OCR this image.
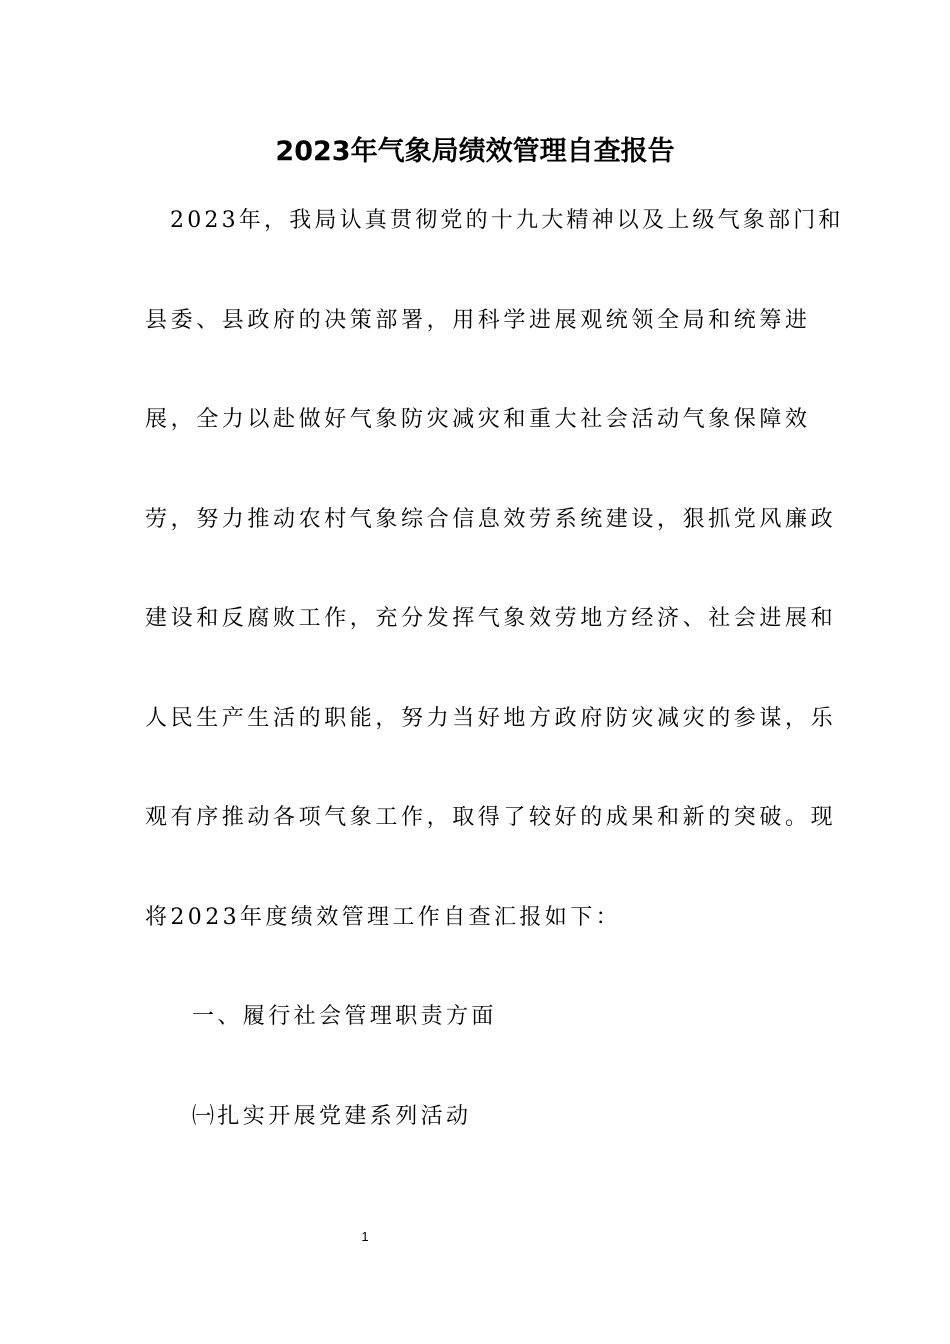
2023年气象局绩效管理自查报告

2023年，我局认真贯彻党的十九大精神以及上级气象部门和

县委、县政府的决策部署，用科学进展观统领全局和统筹进

展，全力以赴做好气象防灾减灾和重大社会活动气象保障效

劳，努力推动农村气象综合信息效劳系统建设，狠抓党风廉政

建设和反腐败工作，充分发挥气象效劳地方经济、社会进展和

人民生产生活的职能，努力当好地方政府防灾减灾的参谋，乐

观有序推动各项气象工作，取得了较好的成果和新的突破。现

将2023年度绩效管理工作自查汇报如下：

一、履行社会管理职责方面

㈠扎实开展党建系列活动

1
